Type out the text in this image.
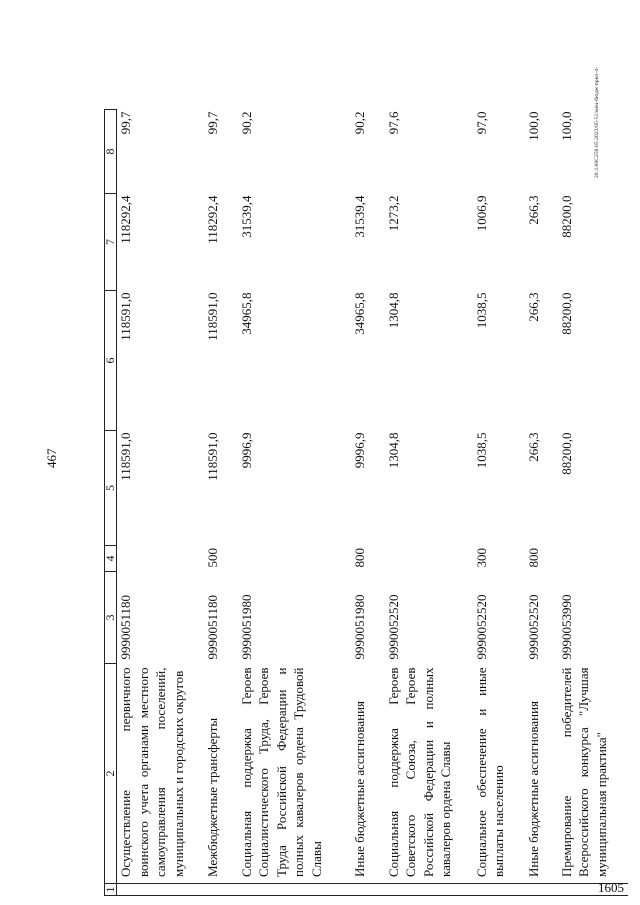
467
1	2	3	4	5	6	7	8
	Осуществление первичного воинского учета органами местного самоуправления поселений, муниципальных и городских округов	9990051180		118591,0	118591,0	118292,4	99,7
	Межбюджетные трансферты	9990051180	500	118591,0	118591,0	118292,4	99,7
	Социальная поддержка Героев Социалистического Труда, Героев Труда Российской Федерации и полных кавалеров ордена Трудовой Славы	9990051980		9996,9	34965,8	31539,4	90,2
	Иные бюджетные ассигнования	9990051980	800	9996,9	34965,8	31539,4	90,2
	Социальная поддержка Героев Советского Союза, Героев Российской Федерации и полных кавалеров ордена Славы	9990052520		1304,8	1304,8	1273,2	97,6
	Социальное обеспечение и иные выплаты населению	9990052520	300	1038,5	1038,5	1006,9	97,0
	Иные бюджетные ассигнования	9990052520	800	266,3	266,3	266,3	100,0
	Премирование победителей Всероссийского конкурса "Лучшая муниципальная практика"	9990053990		88200,0	88200,0	88200,0	100,0	20.3.08С250.05.2023/05-51/мен-бюдж-прил-4-
1605
